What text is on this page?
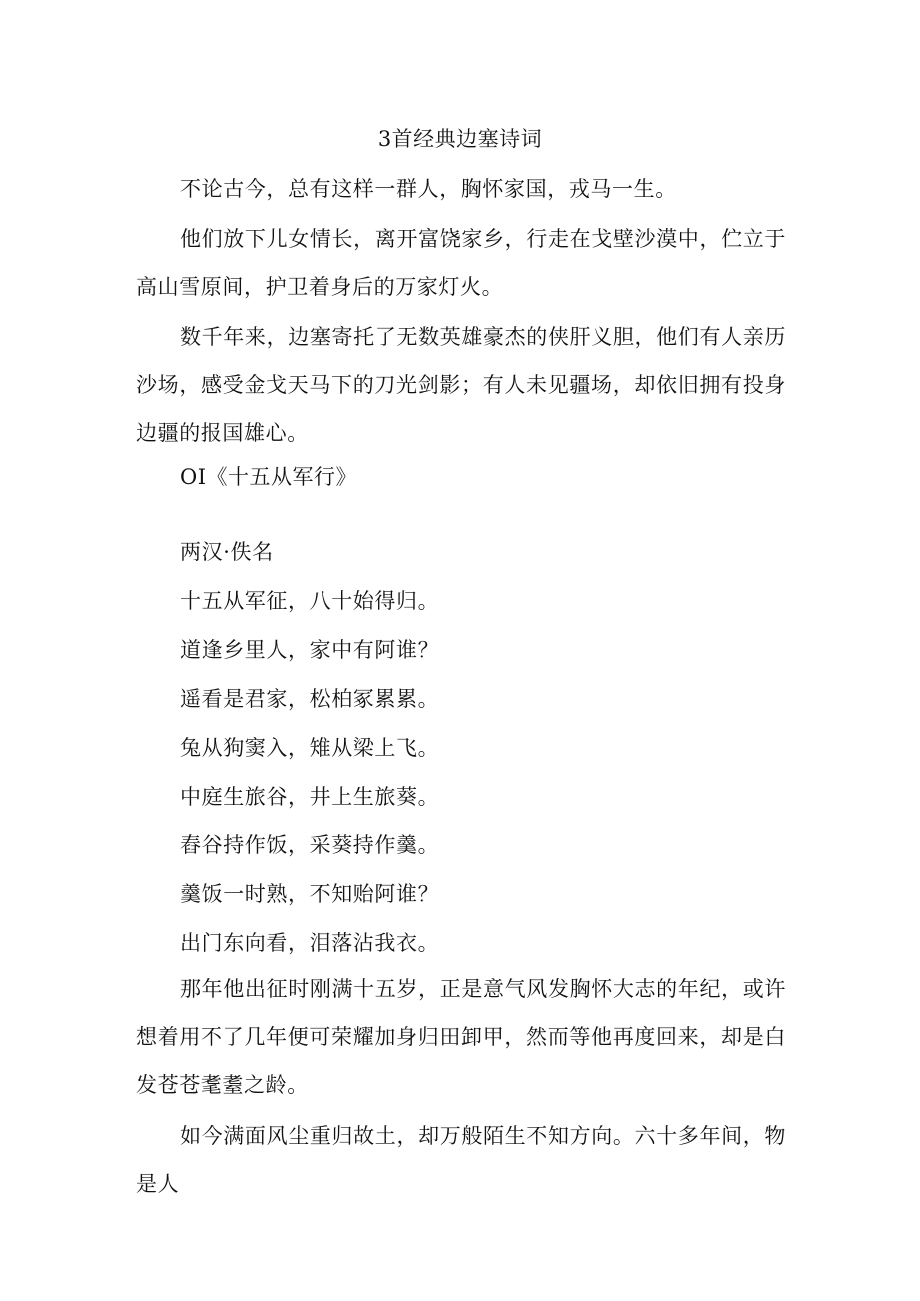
3首经典边塞诗词
不论古今，总有这样一群人，胸怀家国，戎马一生。
他们放下儿女情长，离开富饶家乡，行走在戈壁沙漠中，伫立于高山雪原间，护卫着身后的万家灯火。
数千年来，边塞寄托了无数英雄豪杰的侠肝义胆，他们有人亲历沙场，感受金戈天马下的刀光剑影；有人未见疆场，却依旧拥有投身边疆的报国雄心。
OI《十五从军行》
两汉·佚名
十五从军征，八十始得归。
道逢乡里人，家中有阿谁？
遥看是君家，松柏冢累累。
兔从狗窦入，雉从梁上飞。
中庭生旅谷，井上生旅葵。
舂谷持作饭，采葵持作羹。
羹饭一时熟，不知贻阿谁？
出门东向看，泪落沾我衣。
那年他出征时刚满十五岁，正是意气风发胸怀大志的年纪，或许想着用不了几年便可荣耀加身归田卸甲，然而等他再度回来，却是白发苍苍耄耋之龄。
如今满面风尘重归故土，却万般陌生不知方向。六十多年间，物是人
